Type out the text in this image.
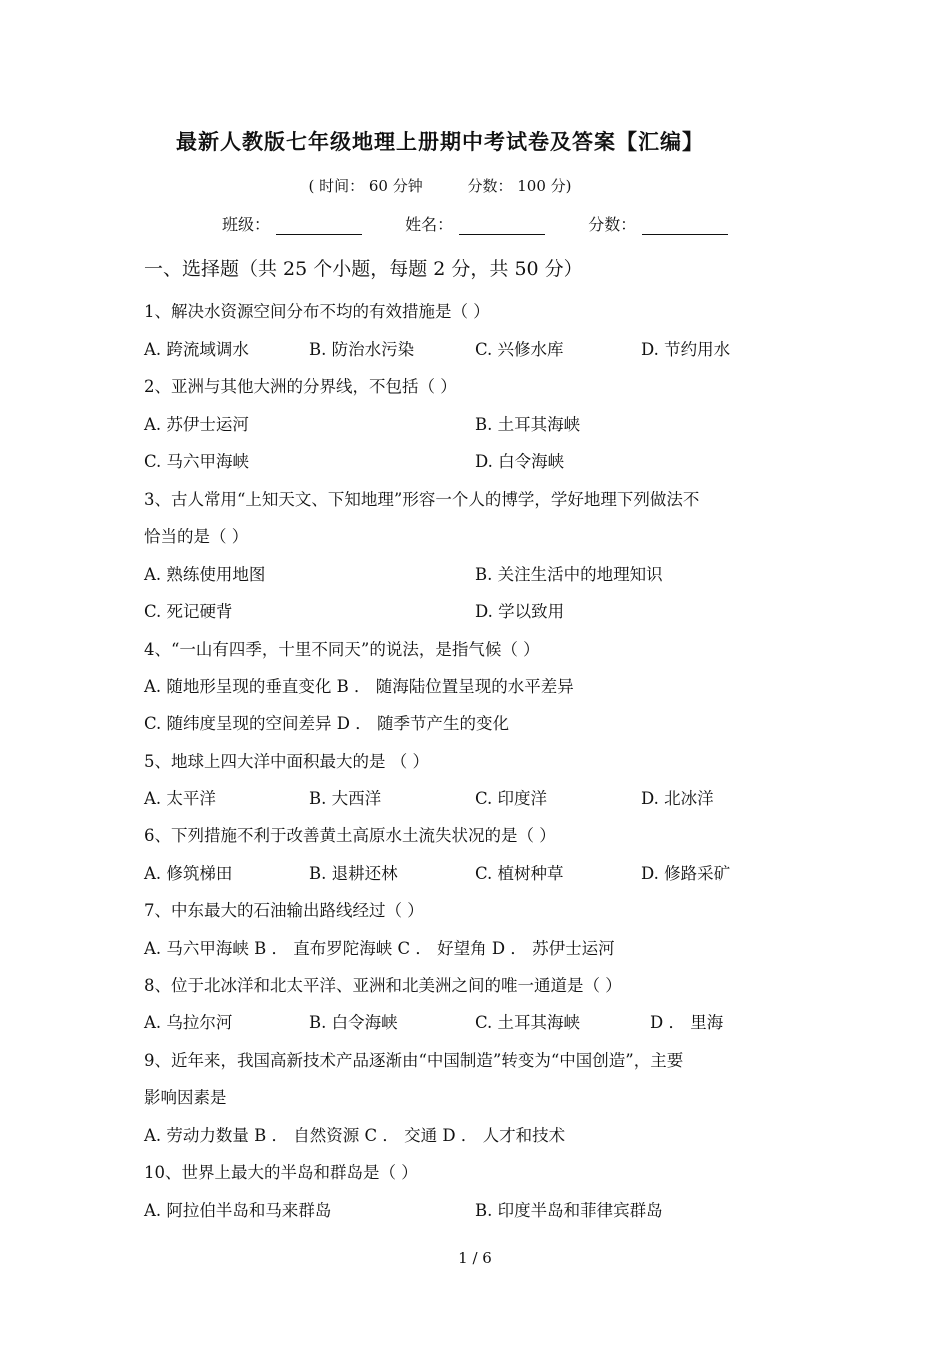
最新人教版七年级地理上册期中考试卷及答案【汇编】
( 时间： 60 分钟	分数： 100 分)
班级：	姓名：	分数：
一、选择题（共 25 个小题，每题 2 分，共 50 分）
1、解决水资源空间分布不均的有效措施是（ ）
A. 跨流域调水	B. 防治水污染	C. 兴修水库	D. 节约用水
2、亚洲与其他大洲的分界线，不包括（ ）
A. 苏伊士运河	B. 土耳其海峡
C. 马六甲海峡	D. 白令海峡
3、古人常用“上知天文、下知地理”形容一个人的博学，学好地理下列做法不
恰当的是（ ）
A. 熟练使用地图	B. 关注生活中的地理知识
C. 死记硬背	D. 学以致用
4、“一山有四季，十里不同天”的说法，是指气候（ ）
A. 随地形呈现的垂直变化 B ． 随海陆位置呈现的水平差异
C. 随纬度呈现的空间差异 D ． 随季节产生的变化
5、地球上四大洋中面积最大的是 （ ）
A. 太平洋	B. 大西洋	C. 印度洋	D. 北冰洋
6、下列措施不利于改善黄土高原水土流失状况的是（ ）
A. 修筑梯田	B. 退耕还林	C. 植树种草	D. 修路采矿
7、中东最大的石油输出路线经过（ ）
A. 马六甲海峡 B ． 直布罗陀海峡 C ． 好望角 D ． 苏伊士运河
8、位于北冰洋和北太平洋、亚洲和北美洲之间的唯一通道是（ ）
A. 乌拉尔河	B. 白令海峡	C. 土耳其海峡	D ． 里海
9、近年来，我国高新技术产品逐渐由“中国制造”转变为“中国创造”，主要
影响因素是
A. 劳动力数量 B ． 自然资源 C ． 交通 D ． 人才和技术
10、世界上最大的半岛和群岛是（ ）
A. 阿拉伯半岛和马来群岛	B. 印度半岛和菲律宾群岛
1 / 6
